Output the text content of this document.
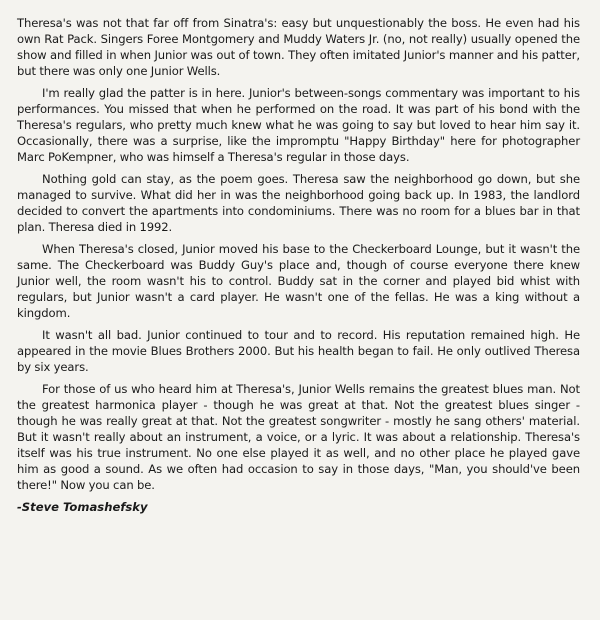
Theresa's was not that far off from Sinatra's: easy but unquestionably the boss. He even had his own Rat Pack. Singers Foree Montgomery and Muddy Waters Jr. (no, not really) usually opened the show and filled in when Junior was out of town. They often imitated Junior's manner and his patter, but there was only one Junior Wells.

I'm really glad the patter is in here. Junior's between-songs commentary was important to his performances. You missed that when he performed on the road. It was part of his bond with the Theresa's regulars, who pretty much knew what he was going to say but loved to hear him say it. Occasionally, there was a surprise, like the impromptu "Happy Birthday" here for photographer Marc PoKempner, who was himself a Theresa's regular in those days.

Nothing gold can stay, as the poem goes. Theresa saw the neighborhood go down, but she managed to survive. What did her in was the neighborhood going back up. In 1983, the landlord decided to convert the apartments into condominiums. There was no room for a blues bar in that plan. Theresa died in 1992.

When Theresa's closed, Junior moved his base to the Checkerboard Lounge, but it wasn't the same. The Checkerboard was Buddy Guy's place and, though of course everyone there knew Junior well, the room wasn't his to control. Buddy sat in the corner and played bid whist with regulars, but Junior wasn't a card player. He wasn't one of the fellas. He was a king without a kingdom.

It wasn't all bad. Junior continued to tour and to record. His reputation remained high. He appeared in the movie Blues Brothers 2000. But his health began to fail. He only outlived Theresa by six years.

For those of us who heard him at Theresa's, Junior Wells remains the greatest blues man. Not the greatest harmonica player - though he was great at that. Not the greatest blues singer - though he was really great at that. Not the greatest songwriter - mostly he sang others' material. But it wasn't really about an instrument, a voice, or a lyric. It was about a relationship. Theresa's itself was his true instrument. No one else played it as well, and no other place he played gave him as good a sound. As we often had occasion to say in those days, "Man, you should've been there!" Now you can be.

-Steve Tomashefsky
